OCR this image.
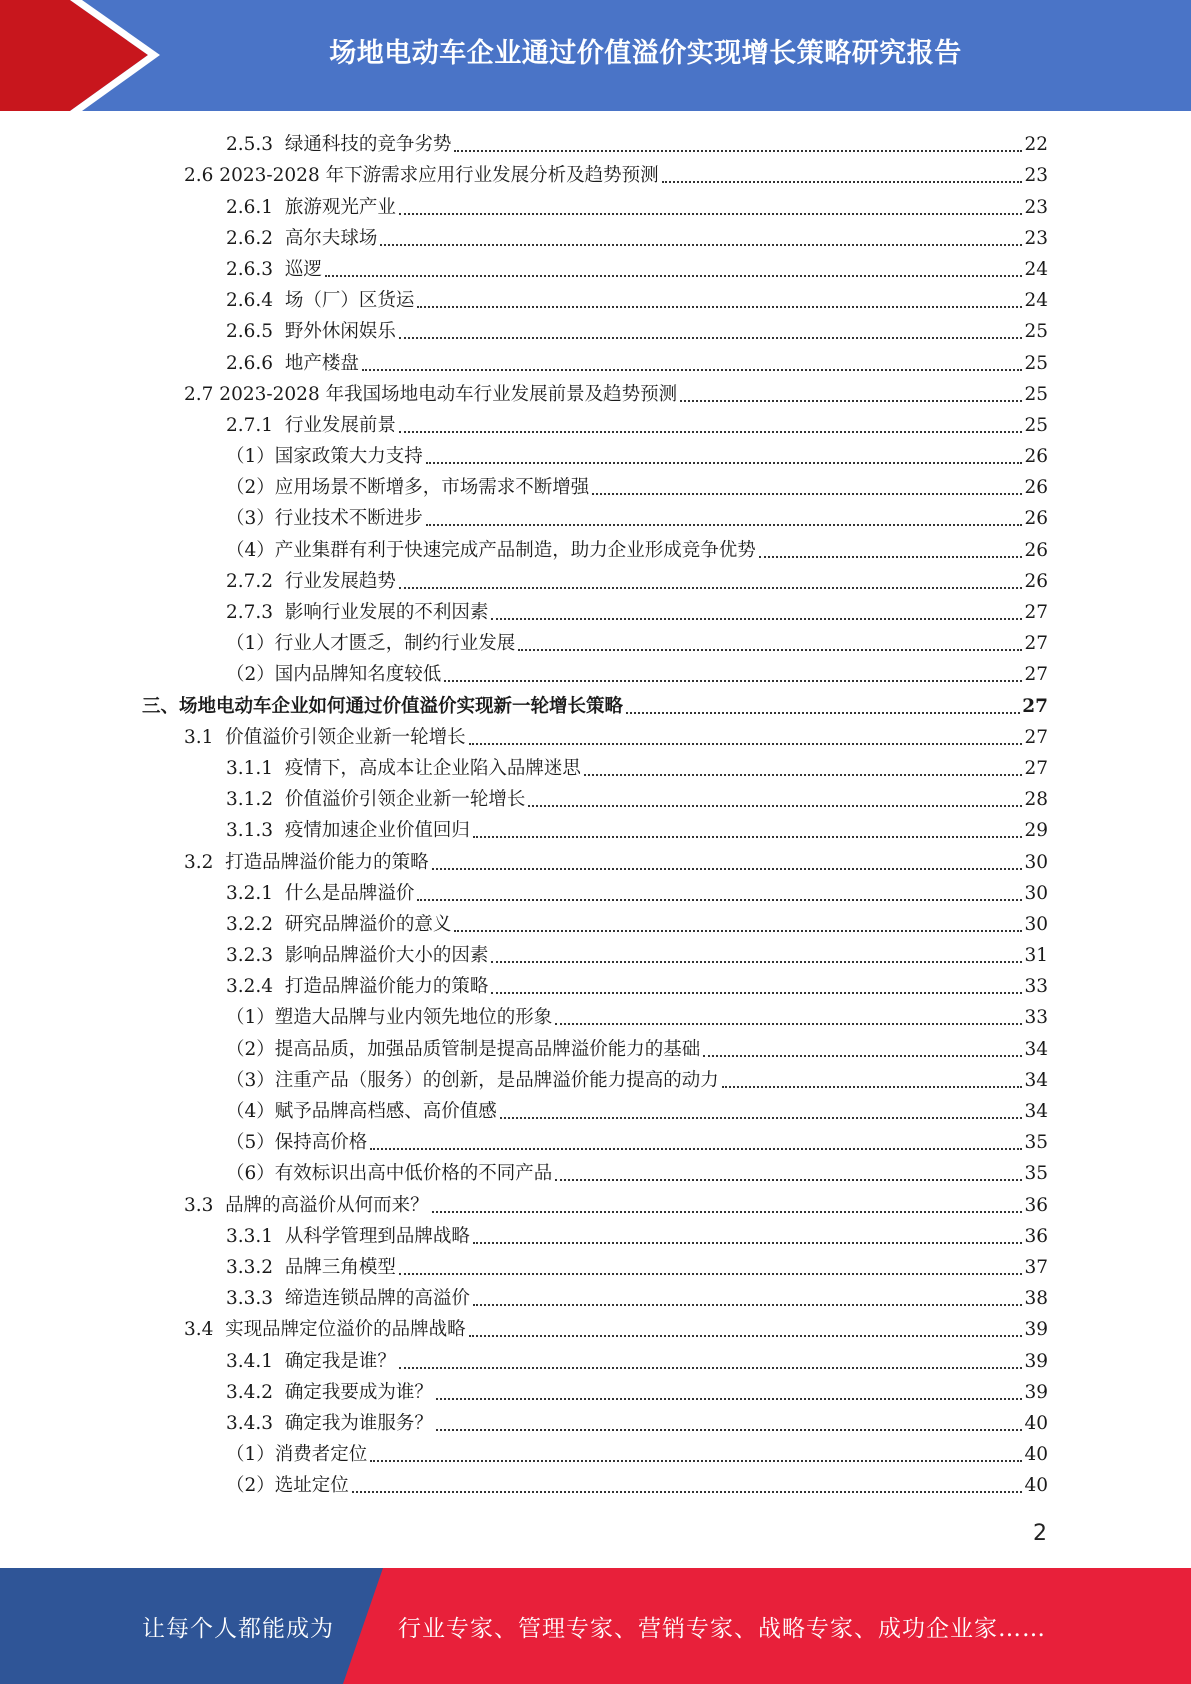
场地电动车企业通过价值溢价实现增长策略研究报告
2.5.3  绿通科技的竞争劣势	22
2.6 2023-2028 年下游需求应用行业发展分析及趋势预测	23
2.6.1  旅游观光产业	23
2.6.2  高尔夫球场	23
2.6.3  巡逻	24
2.6.4  场（厂）区货运	24
2.6.5  野外休闲娱乐	25
2.6.6  地产楼盘	25
2.7 2023-2028 年我国场地电动车行业发展前景及趋势预测	25
2.7.1  行业发展前景	25
（1）国家政策大力支持	26
（2）应用场景不断增多，市场需求不断增强	26
（3）行业技术不断进步	26
（4）产业集群有利于快速完成产品制造，助力企业形成竞争优势	26
2.7.2  行业发展趋势	26
2.7.3  影响行业发展的不利因素	27
（1）行业人才匮乏，制约行业发展	27
（2）国内品牌知名度较低	27
三、场地电动车企业如何通过价值溢价实现新一轮增长策略	27
3.1  价值溢价引领企业新一轮增长	27
3.1.1  疫情下，高成本让企业陷入品牌迷思	27
3.1.2  价值溢价引领企业新一轮增长	28
3.1.3  疫情加速企业价值回归	29
3.2  打造品牌溢价能力的策略	30
3.2.1  什么是品牌溢价	30
3.2.2  研究品牌溢价的意义	30
3.2.3  影响品牌溢价大小的因素	31
3.2.4  打造品牌溢价能力的策略	33
（1）塑造大品牌与业内领先地位的形象	33
（2）提高品质，加强品质管制是提高品牌溢价能力的基础	34
（3）注重产品（服务）的创新，是品牌溢价能力提高的动力	34
（4）赋予品牌高档感、高价值感	34
（5）保持高价格	35
（6）有效标识出高中低价格的不同产品	35
3.3  品牌的高溢价从何而来？	36
3.3.1  从科学管理到品牌战略	36
3.3.2  品牌三角模型	37
3.3.3  缔造连锁品牌的高溢价	38
3.4  实现品牌定位溢价的品牌战略	39
3.4.1  确定我是谁？	39
3.4.2  确定我要成为谁？	39
3.4.3  确定我为谁服务？	40
（1）消费者定位	40
（2）选址定位	40
2
让每个人都能成为	行业专家、管理专家、营销专家、战略专家、成功企业家……
